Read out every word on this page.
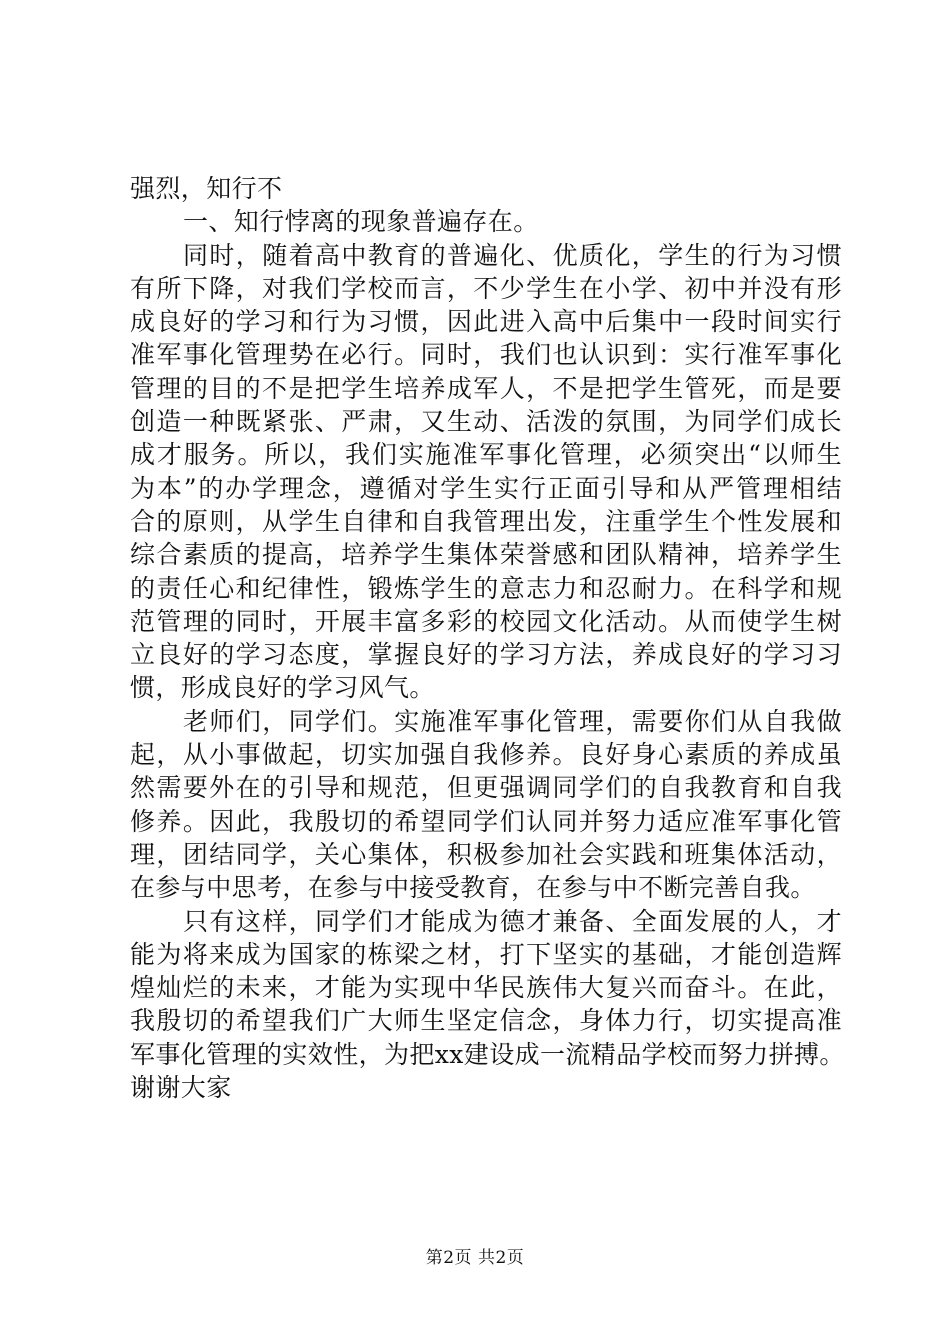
强烈，知行不
一、知行悖离的现象普遍存在。
同时，随着高中教育的普遍化、优质化，学生的行为习惯
有所下降，对我们学校而言，不少学生在小学、初中并没有形
成良好的学习和行为习惯，因此进入高中后集中一段时间实行
准军事化管理势在必行。同时，我们也认识到：实行准军事化
管理的目的不是把学生培养成军人，不是把学生管死，而是要
创造一种既紧张、严肃，又生动、活泼的氛围，为同学们成长
成才服务。所以，我们实施准军事化管理，必须突出“以师生
为本”的办学理念，遵循对学生实行正面引导和从严管理相结
合的原则，从学生自律和自我管理出发，注重学生个性发展和
综合素质的提高，培养学生集体荣誉感和团队精神，培养学生
的责任心和纪律性，锻炼学生的意志力和忍耐力。在科学和规
范管理的同时，开展丰富多彩的校园文化活动。从而使学生树
立良好的学习态度，掌握良好的学习方法，养成良好的学习习
惯，形成良好的学习风气。
老师们，同学们。实施准军事化管理，需要你们从自我做
起，从小事做起，切实加强自我修养。良好身心素质的养成虽
然需要外在的引导和规范，但更强调同学们的自我教育和自我
修养。因此，我殷切的希望同学们认同并努力适应准军事化管
理，团结同学，关心集体，积极参加社会实践和班集体活动，
在参与中思考，在参与中接受教育，在参与中不断完善自我。
只有这样，同学们才能成为德才兼备、全面发展的人，才
能为将来成为国家的栋梁之材，打下坚实的基础，才能创造辉
煌灿烂的未来，才能为实现中华民族伟大复兴而奋斗。在此，
我殷切的希望我们广大师生坚定信念，身体力行，切实提高准
军事化管理的实效性，为把xx建设成一流精品学校而努力拼搏。
谢谢大家
第2页 共2页
